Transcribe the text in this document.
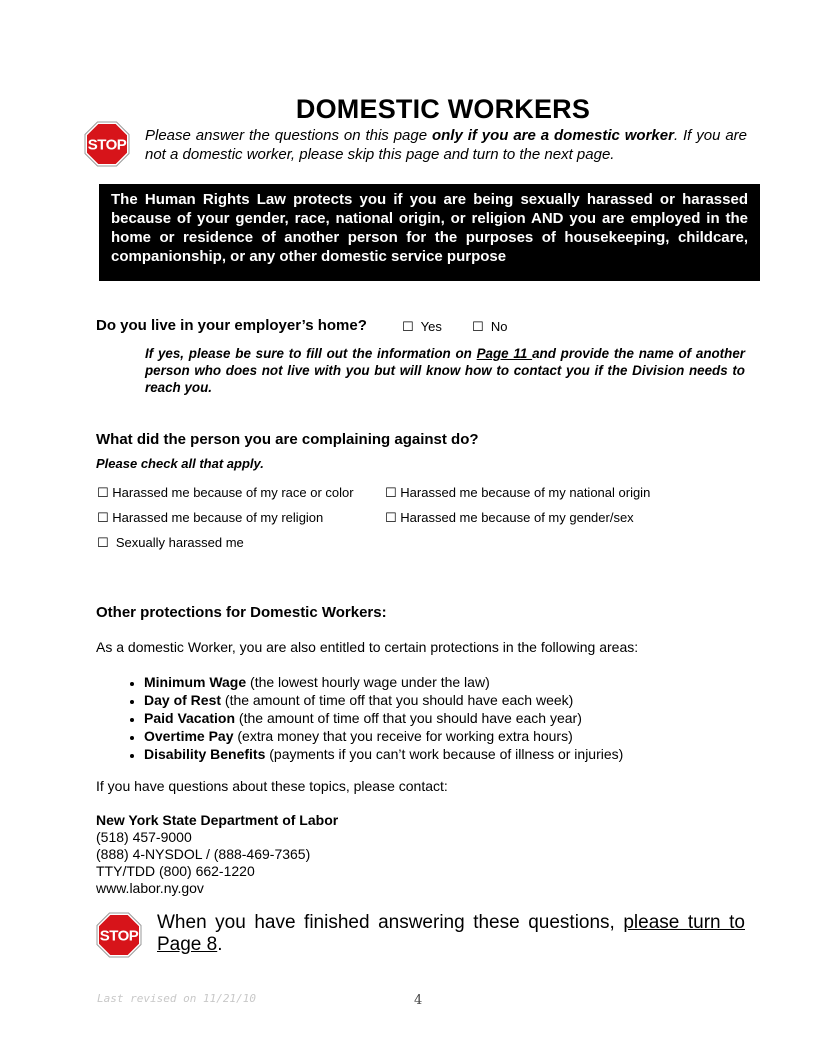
DOMESTIC WORKERS
STOP
Please answer the questions on this page only if you are a domestic worker. If you are not a domestic worker, please skip this page and turn to the next page.

The Human Rights Law protects you if you are being sexually harassed or harassed because of your gender, race, national origin, or religion AND you are employed in the home or residence of another person for the purposes of housekeeping, childcare, companionship, or any other domestic service purpose

Do you live in your employer’s home?	☐ Yes ☐ No
If yes, please be sure to fill out the information on Page 11 and provide the name of another person who does not live with you but will know how to contact you if the Division needs to reach you.
What did the person you are complaining against do?
Please check all that apply.
☐ Harassed me because of my race or color ☐ Harassed me because of my national origin
☐ Harassed me because of my religion	☐ Harassed me because of my gender/sex
☐ Sexually harassed me
Other protections for Domestic Workers:
As a domestic Worker, you are also entitled to certain protections in the following areas:
• Minimum Wage (the lowest hourly wage under the law)
• Day of Rest (the amount of time off that you should have each week)
• Paid Vacation (the amount of time off that you should have each year)
• Overtime Pay (extra money that you receive for working extra hours)
• Disability Benefits (payments if you can’t work because of illness or injuries)
If you have questions about these topics, please contact:
New York State Department of Labor
(518) 457-9000
(888) 4-NYSDOL / (888-469-7365)
TTY/TDD (800) 662-1220
www.labor.ny.gov
STOP
When you have finished answering these questions, please turn to Page 8.
Last revised on 11/21/10	4
